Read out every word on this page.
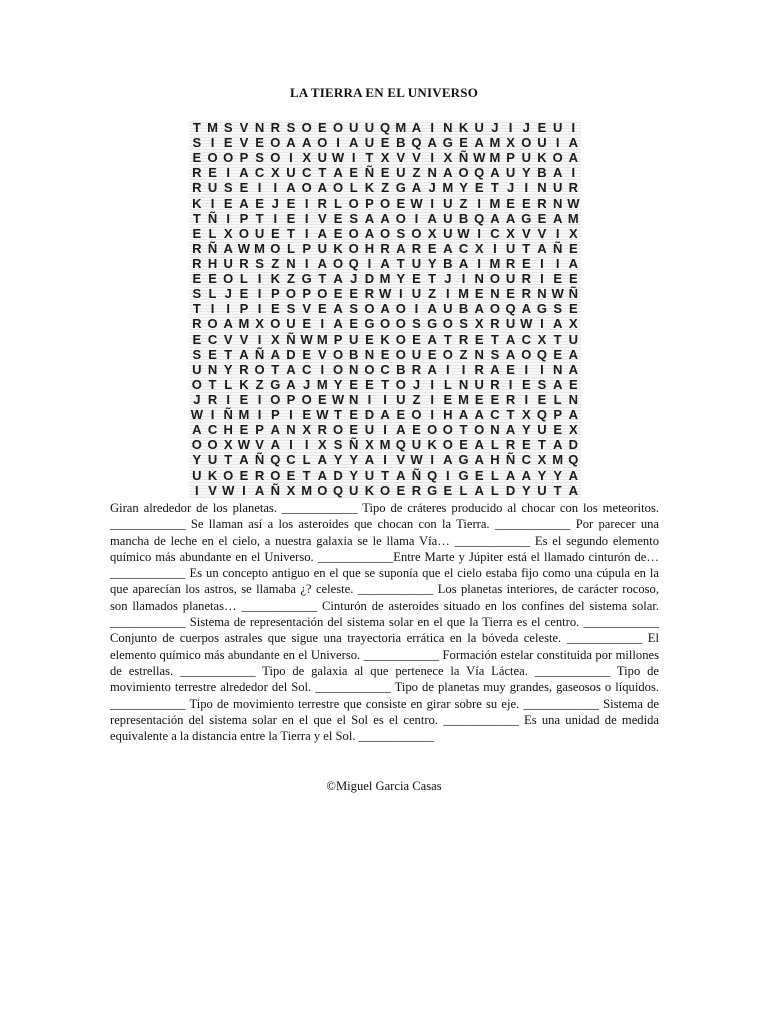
LA TIERRA EN EL UNIVERSO
T M S V N R S O E O U U Q M A I N K U J I J E U I
S I E V E O A A O I A U E B Q A G E A M X O U I A
E O O P S O I X U W I T X V V I X Ñ W M P U K O A
R E I A C X U C T A E Ñ E U Z N A O Q A U Y B A I
R U S E I I A O A O L K Z G A J M Y E T J I N U R
K I E A E J E I R L O P O E W I U Z I M E E R N W
T Ñ I P T I E I V E S A A O I A U B Q A A G E A M
E L X O U E T I A E O A O S O X U W I C X V V I X
R Ñ A W M O L P U K O H R A R E A C X I U T A Ñ E
R H U R S Z N I A O Q I A T U Y B A I M R E I I A
E E O L I K Z G T A J D M Y E T J I N O U R I E E
S L J E I P O P O E E R W I U Z I M E N E R N W Ñ
T I I P I E S V E A S O A O I A U B A O Q A G S E
R O A M X O U E I A E G O O S G O S X R U W I A X
E C V V I X Ñ W M P U E K O E A T R E T A C X T U
S E T A Ñ A D E V O B N E O U E O Z N S A O Q E A
U N Y R O T A C I O N O C B R A I I R A E I I N A
O T L K Z G A J M Y E E T O J I L N U R I E S A E
J R I E I O P O E W N I I U Z I E M E E R I E L N
W I Ñ M I P I E W T E D A E O I H A A C T X Q P A
A C H E P A N X R O E U I A E O O T O N A Y U E X
O O X W V A I I X S Ñ X M Q U K O E A L R E T A D
Y U T A Ñ Q C L A Y Y A I V W I A G A H Ñ C X M Q
U K O E R O E T A D Y U T A Ñ Q I G E L A A Y Y A
I V W I A Ñ X M O Q U K O E R G E L A L D Y U T A

Giran alrededor de los planetas. ____________ Tipo de cráteres producido al chocar con los meteoritos. ____________ Se llaman así a los asteroides que chocan con la Tierra. ____________ Por parecer una mancha de leche en el cielo, a nuestra galaxia se le llama Vía… ____________ Es el segundo elemento químico más abundante en el Universo. ____________Entre Marte y Júpiter está el llamado cinturón de… ____________ Es un concepto antiguo en el que se suponía que el cielo estaba fijo como una cúpula en la que aparecían los astros, se llamaba ¿? celeste. ____________ Los planetas interiores, de carácter rocoso, son llamados planetas… ____________ Cinturón de asteroides situado en los confines del sistema solar. ____________ Sistema de representación del sistema solar en el que la Tierra es el centro. ____________ Conjunto de cuerpos astrales que sigue una trayectoria errática en la bóveda celeste. ____________ El elemento químico más abundante en el Universo. ____________ Formación estelar constituida por millones de estrellas. ____________ Tipo de galaxia al que pertenece la Vía Láctea. ____________ Tipo de movimiento terrestre alrededor del Sol. ____________ Tipo de planetas muy grandes, gaseosos o líquidos. ____________ Tipo de movimiento terrestre que consiste en girar sobre su eje. ____________ Sistema de representación del sistema solar en el que el Sol es el centro. ____________ Es una unidad de medida equivalente a la distancia entre la Tierra y el Sol. ____________

©Miguel Garcia Casas
